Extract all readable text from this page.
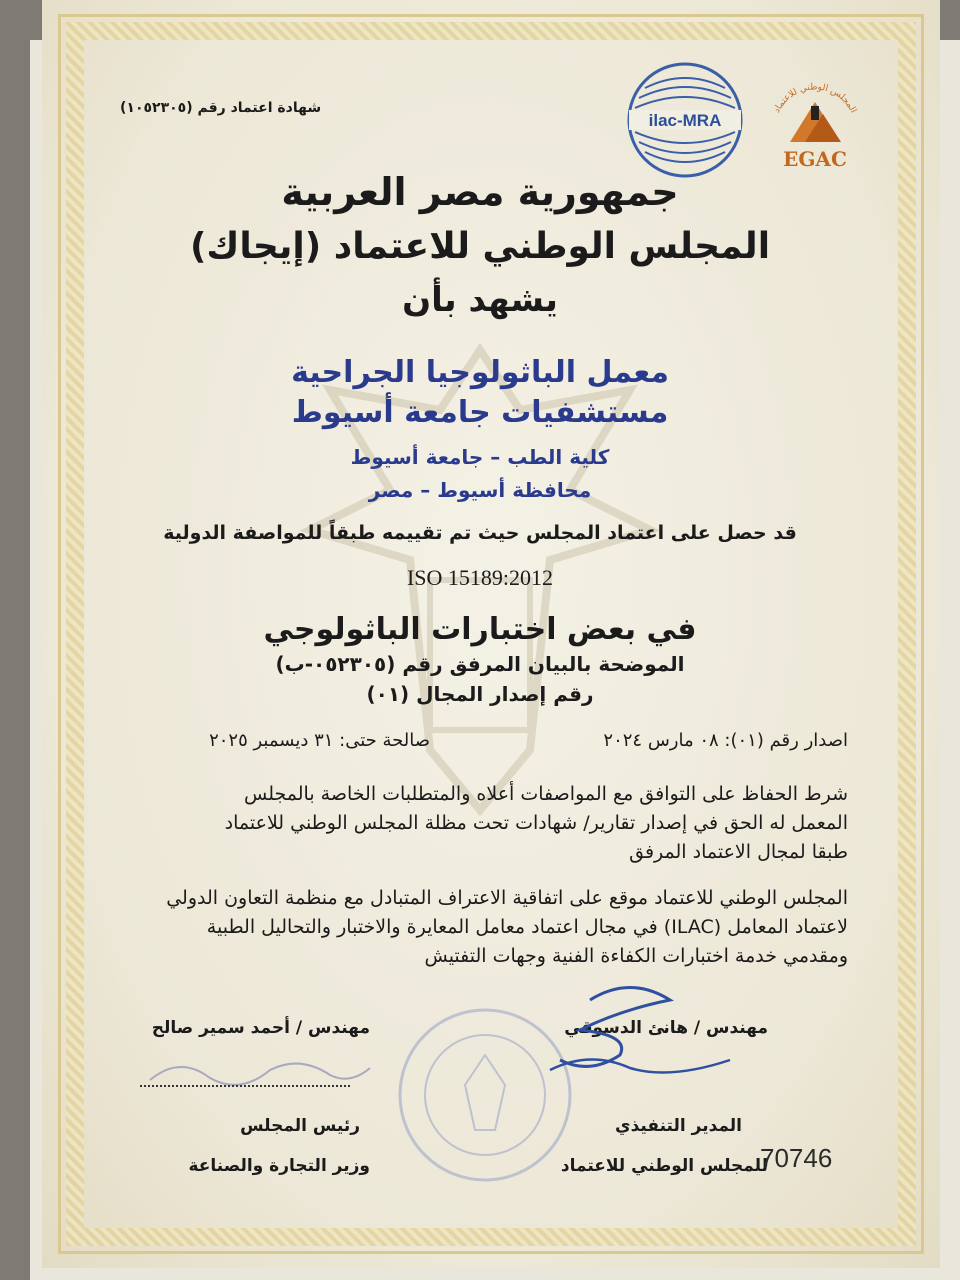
ilac-MRA
المجلس الوطني للاعتماد
EGAC
شهادة اعتماد رقم (١٠٥٢٣٠٥)
جمهورية مصر العربية
المجلس الوطني للاعتماد (إيجاك)
يشهد بأن
معمل الباثولوجيا الجراحية
مستشفيات جامعة أسيوط
كلية الطب – جامعة أسيوط
محافظة أسيوط – مصر
قد حصل على اعتماد المجلس حيث تم تقييمه طبقاً للمواصفة الدولية
ISO 15189:2012
في بعض اختبارات الباثولوجي
الموضحة بالبيان المرفق رقم (٠٥٢٣٠٥-ب)
رقم إصدار المجال (٠١)
اصدار رقم (٠١): ٠٨ مارس ٢٠٢٤
صالحة حتى: ٣١ ديسمبر ٢٠٢٥
شرط الحفاظ على التوافق مع المواصفات أعلاه والمتطلبات الخاصة بالمجلس
المعمل له الحق في إصدار تقارير/ شهادات تحت مظلة المجلس الوطني للاعتماد
طبقا لمجال الاعتماد المرفق
المجلس الوطني للاعتماد موقع على اتفاقية الاعتراف المتبادل مع منظمة التعاون الدولي
لاعتماد المعامل (ILAC) في مجال اعتماد معامل المعايرة والاختبار والتحاليل الطبية
ومقدمي خدمة اختبارات الكفاءة الفنية وجهات التفتيش
مهندس / هانئ الدسوقي
مهندس / أحمد سمير صالح
المدير التنفيذي
رئيس المجلس
للمجلس الوطني للاعتماد
وزير التجارة والصناعة	70746
